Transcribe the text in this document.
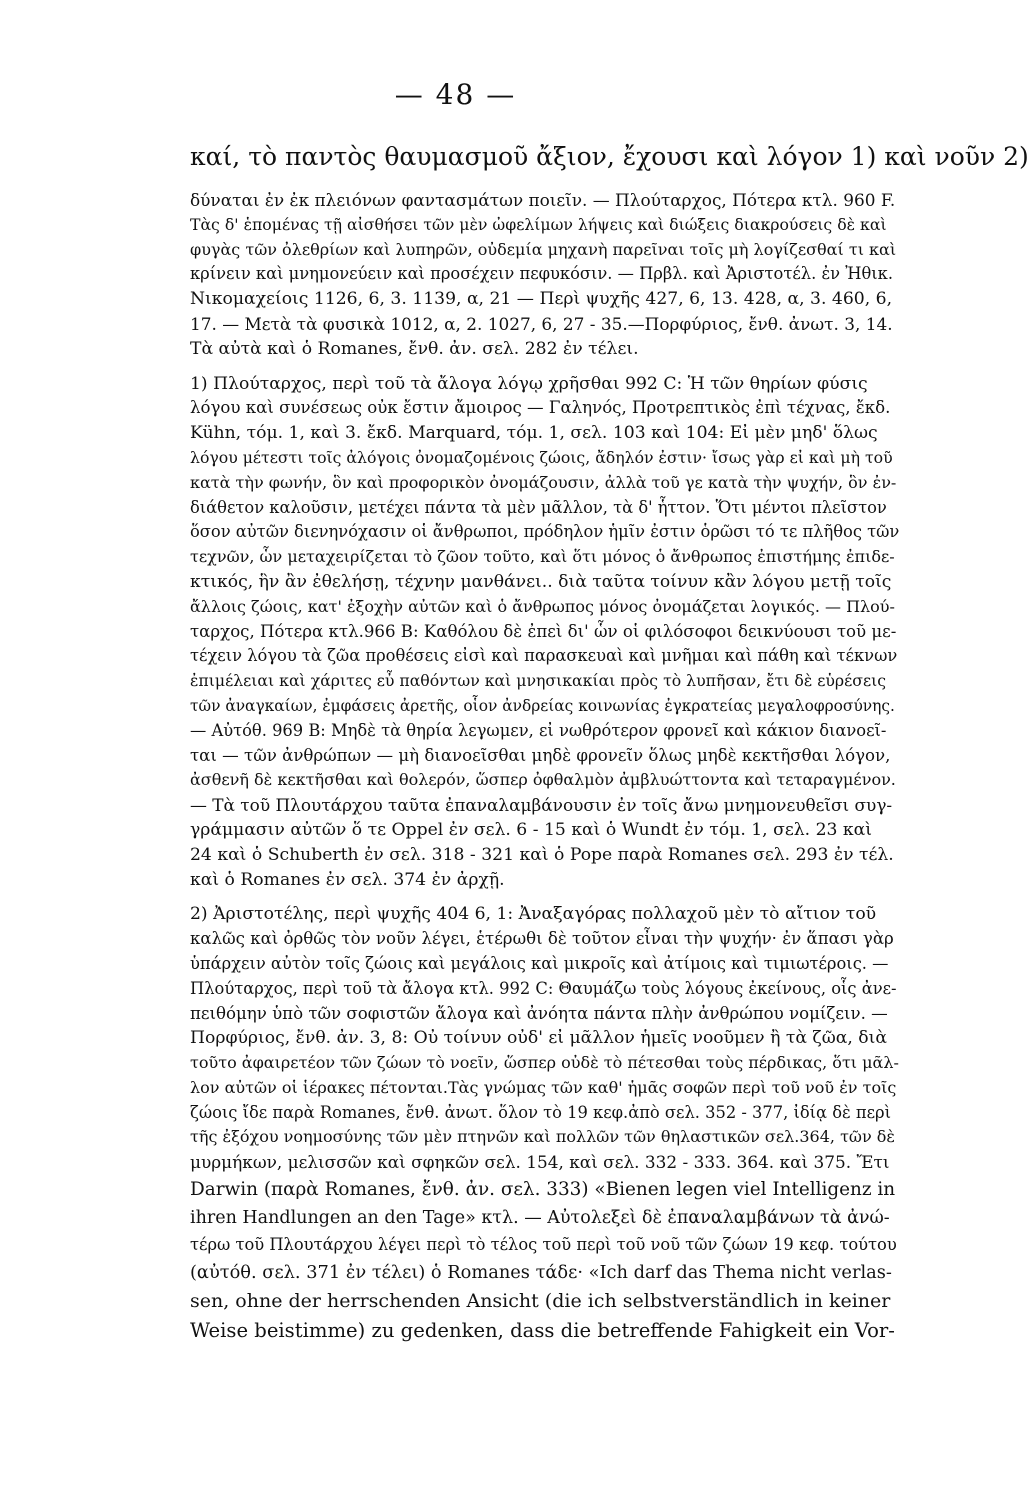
— 48 —
καί, τὸ παντὸς θαυμασμοῦ ἄξιον, ἔχουσι καὶ λόγον 1) καὶ νοῦν 2)
δύναται ἐν ἐκ πλειόνων φαντασμάτων ποιεῖν. — Πλούταρχος, Πότερα κτλ. 960 F.
Τὰς δ' ἑπομένας τῇ αἰσθήσει τῶν μὲν ὠφελίμων λήψεις καὶ διώξεις διακρούσεις δὲ καὶ
φυγὰς τῶν ὀλεθρίων καὶ λυπηρῶν, οὐδεμία μηχανὴ παρεῖναι τοῖς μὴ λογίζεσθαί τι καὶ
κρίνειν καὶ μνημονεύειν καὶ προσέχειν πεφυκόσιν. — Πρβλ. καὶ Ἀριστοτέλ. ἐν Ἠθικ.
Νικομαχείοις 1126, 6, 3. 1139, α, 21 — Περὶ ψυχῆς 427, 6, 13. 428, α, 3. 460, 6,
17. — Μετὰ τὰ φυσικὰ 1012, α, 2. 1027, 6, 27 - 35.—Πορφύριος, ἔνθ. ἀνωτ. 3, 14.
Τὰ αὐτὰ καὶ ὁ Romanes, ἔνθ. ἀν. σελ. 282 ἐν τέλει.
1) Πλούταρχος, περὶ τοῦ τὰ ἄλογα λόγῳ χρῆσθαι 992 C: Ἡ τῶν θηρίων φύσις
λόγου καὶ συνέσεως οὐκ ἔστιν ἄμοιρος — Γαληνός, Προτρεπτικὸς ἐπὶ τέχνας, ἔκδ.
Kühn, τόμ. 1, καὶ 3. ἔκδ. Marquard, τόμ. 1, σελ. 103 καὶ 104: Εἰ μὲν μηδ' ὅλως
λόγου μέτεστι τοῖς ἀλόγοις ὀνομαζομένοις ζώοις, ἄδηλόν ἐστιν· ἴσως γὰρ εἰ καὶ μὴ τοῦ
κατὰ τὴν φωνήν, ὃν καὶ προφορικὸν ὀνομάζουσιν, ἀλλὰ τοῦ γε κατὰ τὴν ψυχήν, ὃν ἐν-
διάθετον καλοῦσιν, μετέχει πάντα τὰ μὲν μᾶλλον, τὰ δ' ἧττον. Ὅτι μέντοι πλεῖστον
ὅσον αὐτῶν διενηνόχασιν οἱ ἄνθρωποι, πρόδηλον ἡμῖν ἐστιν ὁρῶσι τό τε πλῆθος τῶν
τεχνῶν, ὧν μεταχειρίζεται τὸ ζῶον τοῦτο, καὶ ὅτι μόνος ὁ ἄνθρωπος ἐπιστήμης ἐπιδε-
κτικός, ἣν ἂν ἐθελήσῃ, τέχνην μανθάνει.. διὰ ταῦτα τοίνυν κἂν λόγου μετῇ τοῖς
ἄλλοις ζώοις, κατ' ἐξοχὴν αὐτῶν καὶ ὁ ἄνθρωπος μόνος ὀνομάζεται λογικός. — Πλού-
ταρχος, Πότερα κτλ.966 B: Καθόλου δὲ ἐπεὶ δι' ὧν οἱ φιλόσοφοι δεικνύουσι τοῦ με-
τέχειν λόγου τὰ ζῶα προθέσεις εἰσὶ καὶ παρασκευαὶ καὶ μνῆμαι καὶ πάθη καὶ τέκνων
ἐπιμέλειαι καὶ χάριτες εὖ παθόντων καὶ μνησικακίαι πρὸς τὸ λυπῆσαν, ἔτι δὲ εὑρέσεις
τῶν ἀναγκαίων, ἐμφάσεις ἀρετῆς, οἷον ἀνδρείας κοινωνίας ἐγκρατείας μεγαλοφροσύνης.
— Αὐτόθ. 969 B: Μηδὲ τὰ θηρία λεγωμεν, εἰ νωθρότερον φρονεῖ καὶ κάκιον διανοεῖ-
ται — τῶν ἀνθρώπων — μὴ διανοεῖσθαι μηδὲ φρονεῖν ὅλως μηδὲ κεκτῆσθαι λόγον,
ἀσθενῆ δὲ κεκτῆσθαι καὶ θολερόν, ὥσπερ ὀφθαλμὸν ἀμβλυώττοντα καὶ τεταραγμένον.
— Τὰ τοῦ Πλουτάρχου ταῦτα ἐπαναλαμβάνουσιν ἐν τοῖς ἄνω μνημονευθεῖσι συγ-
γράμμασιν αὐτῶν ὅ τε Oppel ἐν σελ. 6 - 15 καὶ ὁ Wundt ἐν τόμ. 1, σελ. 23 καὶ
24 καὶ ὁ Schuberth ἐν σελ. 318 - 321 καὶ ὁ Pope παρὰ Romanes σελ. 293 ἐν τέλ.
καὶ ὁ Romanes ἐν σελ. 374 ἐν ἀρχῇ.
2) Ἀριστοτέλης, περὶ ψυχῆς 404 6, 1: Ἀναξαγόρας πολλαχοῦ μὲν τὸ αἴτιον τοῦ
καλῶς καὶ ὀρθῶς τὸν νοῦν λέγει, ἑτέρωθι δὲ τοῦτον εἶναι τὴν ψυχήν· ἐν ἅπασι γὰρ
ὑπάρχειν αὐτὸν τοῖς ζώοις καὶ μεγάλοις καὶ μικροῖς καὶ ἀτίμοις καὶ τιμιωτέροις. —
Πλούταρχος, περὶ τοῦ τὰ ἄλογα κτλ. 992 C: Θαυμάζω τοὺς λόγους ἐκείνους, οἷς ἀνε-
πειθόμην ὑπὸ τῶν σοφιστῶν ἄλογα καὶ ἀνόητα πάντα πλὴν ἀνθρώπου νομίζειν. —
Πορφύριος, ἔνθ. ἀν. 3, 8: Οὐ τοίνυν οὐδ' εἰ μᾶλλον ἡμεῖς νοοῦμεν ἢ τὰ ζῶα, διὰ
τοῦτο ἀφαιρετέον τῶν ζώων τὸ νοεῖν, ὥσπερ οὐδὲ τὸ πέτεσθαι τοὺς πέρδικας, ὅτι μᾶλ-
λον αὐτῶν οἱ ἱέρακες πέτονται.Τὰς γνώμας τῶν καθ' ἡμᾶς σοφῶν περὶ τοῦ νοῦ ἐν τοῖς
ζώοις ἴδε παρὰ Romanes, ἔνθ. ἀνωτ. ὅλον τὸ 19 κεφ.ἀπὸ σελ. 352 - 377, ἰδίᾳ δὲ περὶ
τῆς ἐξόχου νοημοσύνης τῶν μὲν πτηνῶν καὶ πολλῶν τῶν θηλαστικῶν σελ.364, τῶν δὲ
μυρμήκων, μελισσῶν καὶ σφηκῶν σελ. 154, καὶ σελ. 332 - 333. 364. καὶ 375. Ἔτι
Darwin (παρὰ Romanes, ἔνθ. ἀν. σελ. 333) «Bienen legen viel Intelligenz in
ihren Handlungen an den Tage» κτλ. — Αὐτολεξεὶ δὲ ἐπαναλαμβάνων τὰ ἀνώ-
τέρω τοῦ Πλουτάρχου λέγει περὶ τὸ τέλος τοῦ περὶ τοῦ νοῦ τῶν ζώων 19 κεφ. τούτου
(αὐτόθ. σελ. 371 ἐν τέλει) ὁ Romanes τάδε· «Ich darf das Thema nicht verlas-
sen, ohne der herrschenden Ansicht (die ich selbstverständlich in keiner
Weise beistimme) zu gedenken, dass die betreffende Fahigkeit ein Vor-
